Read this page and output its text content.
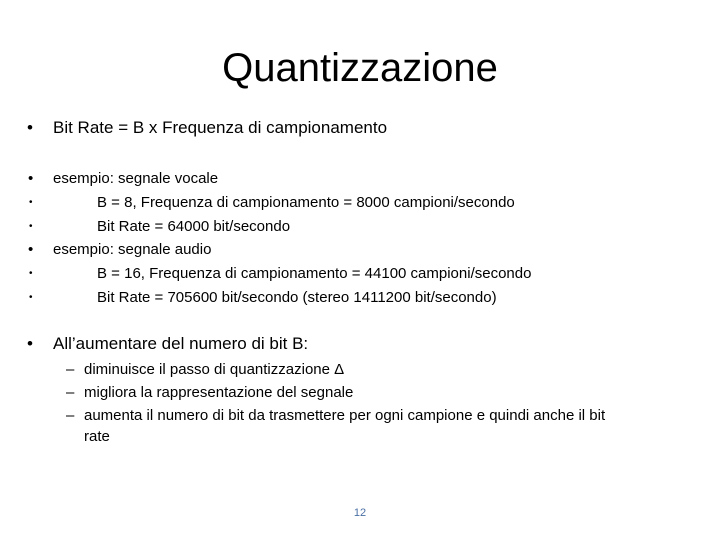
Quantizzazione
• Bit Rate = B x Frequenza di campionamento
• esempio: segnale vocale
•	B = 8, Frequenza di campionamento = 8000 campioni/secondo
•	Bit Rate = 64000 bit/secondo
• esempio: segnale audio
•	B = 16, Frequenza di campionamento = 44100 campioni/secondo
•	Bit Rate = 705600 bit/secondo (stereo 1411200 bit/secondo)
• All’aumentare del numero di bit B:
– diminuisce il passo di quantizzazione Δ
– migliora la rappresentazione del segnale
– aumenta il numero di bit da trasmettere per ogni campione e quindi anche il bit
rate
12
